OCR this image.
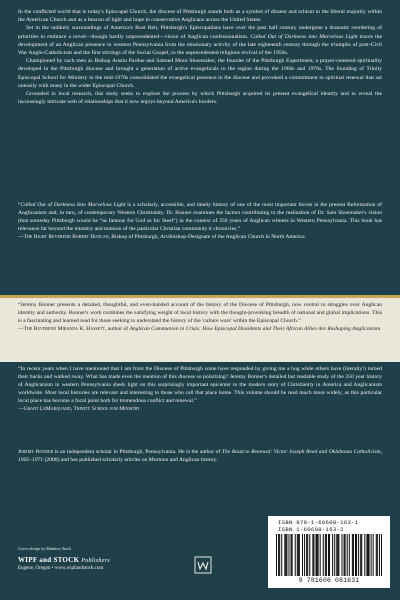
In the conflicted world that is today's Episcopal Church, the diocese of Pittsburgh stands both as a symbol of dissent and schism to the liberal majority within the American Church and as a beacon of light and hope to conservative Anglicans across the United States.

Set in the unlikely surroundings of America's Rust Belt, Pittsburgh's Episcopalians have over the past half century undergone a dramatic reordering of priorities to embrace a novel—though hardly unprecedented—vision of Anglican confessionalism. Called Out of Darkness into Marvelous Light traces the development of an Anglican presence in western Pennsylvania from the missionary activity of the late eighteenth century through the triumphs of post-Civil War Anglo-Catholicism and the first stirrings of the Social Gospel, to the unprecedented religious revival of the 1950s.

Championed by such men as Bishop Austin Pardue and Samuel Moor Shoemaker, the founder of the Pittsburgh Experiment, a prayer-centered spirituality developed in the Pittsburgh diocese and brought a generation of active evangelicals to the region during the 1960s and 1970s. The founding of Trinity Episcopal School for Ministry in the mid-1970s consolidated the evangelical presence in the diocese and provoked a commitment to spiritual renewal that sat uneasily with many in the wider Episcopal Church.

Grounded in local research, this study seeks to explore the process by which Pittsburgh acquired its present evangelical identity and to reveal the increasingly intricate web of relationships that it now enjoys beyond America's borders.

“Called Out of Darkness Into Marvelous Light is a scholarly, accessible, and timely history of one of the most important forces in the present Reformation of Anglicanism and, in turn, of contemporary Western Christianity. Dr. Bonner examines the factors contributing to the realization of Dr. Sam Shoemaker's vision (that someday Pittsburgh would be “as famous for God as for Steel”) in the context of 250 years of Anglican witness in Western Pennsylvania. This book has relevance far beyond the ministry and mission of the particular Christian community it chronicles.”

—The Right Reverend Robert Duncan, Bishop of Pittsburgh, Archbishop-Designate of the Anglican Church in North America

“Jeremy Bonner presents a detailed, thoughtful, and even-handed account of the history of the Diocese of Pittsburgh, now central to struggles over Anglican identity and authority. Bonner's work combines the satisfying weight of local history with the thought-provoking breadth of national and global implications. This is a fascinating and learned read for those seeking to understand the history of the 'culture wars' within the Episcopal Church.”

—The Reverend Miranda K. Hassett, author of Anglican Communion in Crisis: How Episcopal Dissidents and Their African Allies Are Reshaping Anglicanism

“In recent years when I have mentioned that I am from the Diocese of Pittsburgh some have responded by giving me a hug while others have (literally!) turned their backs and walked away. What has made even the mention of this diocese so polarizing? Jeremy Bonner's detailed but readable study of the 250 year history of Anglicanism in western Pennsylvania sheds light on this surprisingly important epicenter in the modern story of Christianity in America and Anglicanism worldwide. Most local histories are relevant and interesting to those who call that place home. This volume should be read much more widely, as this particular local place has become a focal point both for tremendous conflict and renewal.”

—Grant LeMarquand, Trinity School for Ministry

Jeremy Bonner is an independent scholar in Pittsburgh, Pennsylvania. He is the author of The Road to Renewal: Victor Joseph Reed and Oklahoma Catholicism, 1905–1971 (2008) and has published scholarly articles on Mormon and Anglican history.
Cover design by Matthew Stock
WIPF and STOCK Publishers
Eugene, Oregon • www.wipfandstock.com
ISBN 978-1-60608-163-1
ISBN 1-60608-163-2
9 781606 081631
